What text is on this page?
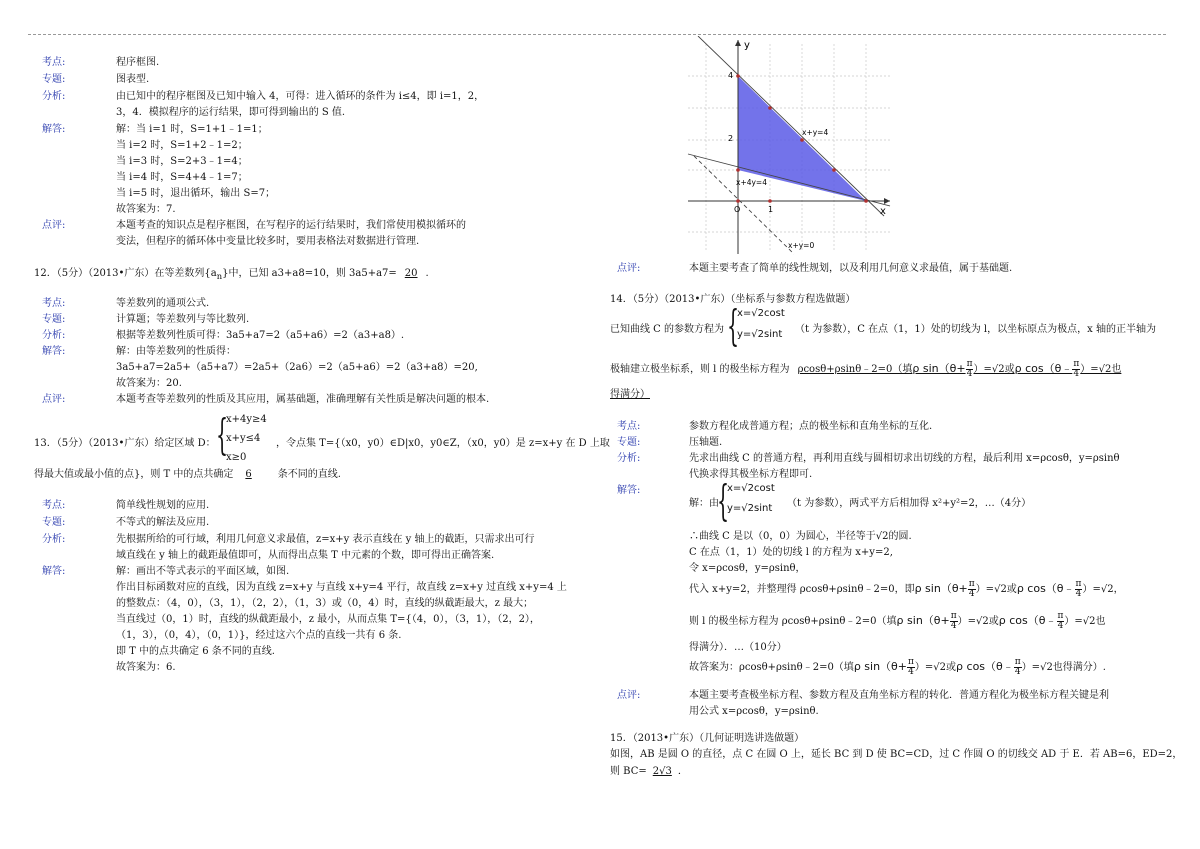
考点:	程序框图.
专题:	图表型.
分析:	由已知中的程序框图及已知中输入 4，可得：进入循环的条件为 i≤4，即 i=1，2，
3，4．模拟程序的运行结果，即可得到输出的 S 值.
解答:	解：当 i=1 时，S=1+1﹣1=1；
当 i=2 时，S=1+2﹣1=2；
当 i=3 时，S=2+3﹣1=4；
当 i=4 时，S=4+4﹣1=7；
当 i=5 时，退出循环，输出 S=7；
故答案为：7.
点评:	本题考查的知识点是程序框图，在写程序的运行结果时，我们常使用模拟循环的
变法，但程序的循环体中变量比较多时，要用表格法对数据进行管理.
12．（5分）（2013•广东）在等差数列$\{a_n\}$中，已知 a3+a8=10，则 3a5+a7= 20 .
考点:	等差数列的通项公式.
专题:	计算题；等差数列与等比数列.
分析:	根据等差数列性质可得：3a5+a7=2（a5+a6）=2（a3+a8）.
解答:	解：由等差数列的性质得：
3a5+a7=2a5+（a5+a7）=2a5+（2a6）=2（a5+a6）=2（a3+a8）=20,
故答案为：20.
点评:	本题考查等差数列的性质及其应用，属基础题，准确理解有关性质是解决问题的根本.
13．（5分）（2013•广东）给定区域 D： {
x+4y≥4
x+y≤4
x≥0
，令点集 T={（x0，y0）∈D|x0，y0∈Z，（x0，y0）是 z=x+y 在 D 上取
得最大值或最小值的点}，则 T 中的点共确定 6	条不同的直线.
考点:	简单线性规划的应用.
专题:	不等式的解法及应用.
分析:	先根据所给的可行域，利用几何意义求最值，z=x+y 表示直线在 y 轴上的截距，只需求出可行
域直线在 y 轴上的截距最值即可，从而得出点集 T 中元素的个数，即可得出正确答案.
解答:	解：画出不等式表示的平面区域，如图.
作出目标函数对应的直线，因为直线 z=x+y 与直线 x+y=4 平行，故直线 z=x+y 过直线 x+y=4 上
的整数点：（4，0），（3，1），（2，2），（1，3）或（0，4）时，直线的纵截距最大，z 最大；
当直线过（0，1）时，直线的纵截距最小，z 最小，从而点集 T={（4，0），（3，1），（2，2），
（1，3），（0，4），（0，1）}，经过这六个点的直线一共有 6 条.
即 T 中的点共确定 6 条不同的直线.
故答案为：6.
y
x
4
2
1
O
x+y=4
x+4y=4
x+y=0
点评:	本题主要考查了简单的线性规划，以及利用几何意义求最值，属于基础题.
14．（5分）（2013•广东）（坐标系与参数方程选做题）
已知曲线 C 的参数方程为 {
x=√2cost
y=√2sint （t 为参数），C 在点（1，1）处的切线为 l，以坐标原点为极点，x 轴的正半轴为
极轴建立极坐标系，则 l 的极坐标方程为 ρcosθ+ρsinθ﹣2=0（填ρ $\sin(\theta+ \frac{\pi}{4} )=√2$或ρ cos（θ﹣ $\frac{\pi}{4} )=√2$也
得满分）
考点:	参数方程化成普通方程；点的极坐标和直角坐标的互化.
专题:	压轴题.
分析:	先求出曲线 C 的普通方程，再利用直线与圆相切求出切线的方程，最后利用 x=ρcosθ，y=ρsinθ
代换求得其极坐标方程即可.
解答:
解：由
{
x=√2cost
y=√2sint （t 为参数），两式平方后相加得 x²+y²=2，…（4分）
∴曲线 C 是以（0，0）为圆心，半径等于√2的圆.
C 在点（1，1）处的切线 l 的方程为 x+y=2,
令 x=ρcosθ，y=ρsinθ，
代入 x+y=2，并整理得 ρcosθ+ρsinθ﹣2=0，即ρ $\sin(\theta+ \frac{\pi}{4} )=√2$或ρ cos（θ﹣ $\frac{\pi}{4} )=√2$，
则 l 的极坐标方程为 ρcosθ+ρsinθ﹣2=0（填ρ $\sin(\theta+ \frac{\pi}{4} )=√2$或ρ cos（θ﹣ $\frac{\pi}{4} )=√2$也
得满分）．…（10分）
故答案为：ρcosθ+ρsinθ﹣2=0（填ρ $\sin(\theta+ \frac{\pi}{4} )=√2$或ρ cos（θ﹣ $\frac{\pi}{4} )=√2$也得满分）.
点评:	本题主要考查极坐标方程、参数方程及直角坐标方程的转化．普通方程化为极坐标方程关键是利
用公式 x=ρcosθ，y=ρsinθ.
15．（2013•广东）（几何证明选讲选做题）
如图，AB 是圆 O 的直径，点 C 在圆 O 上，延长 BC 到 D 使 BC=CD，过 C 作圆 O 的切线交 AD 于 E．若 AB=6，ED=2，
则 BC= 2√3 ．
